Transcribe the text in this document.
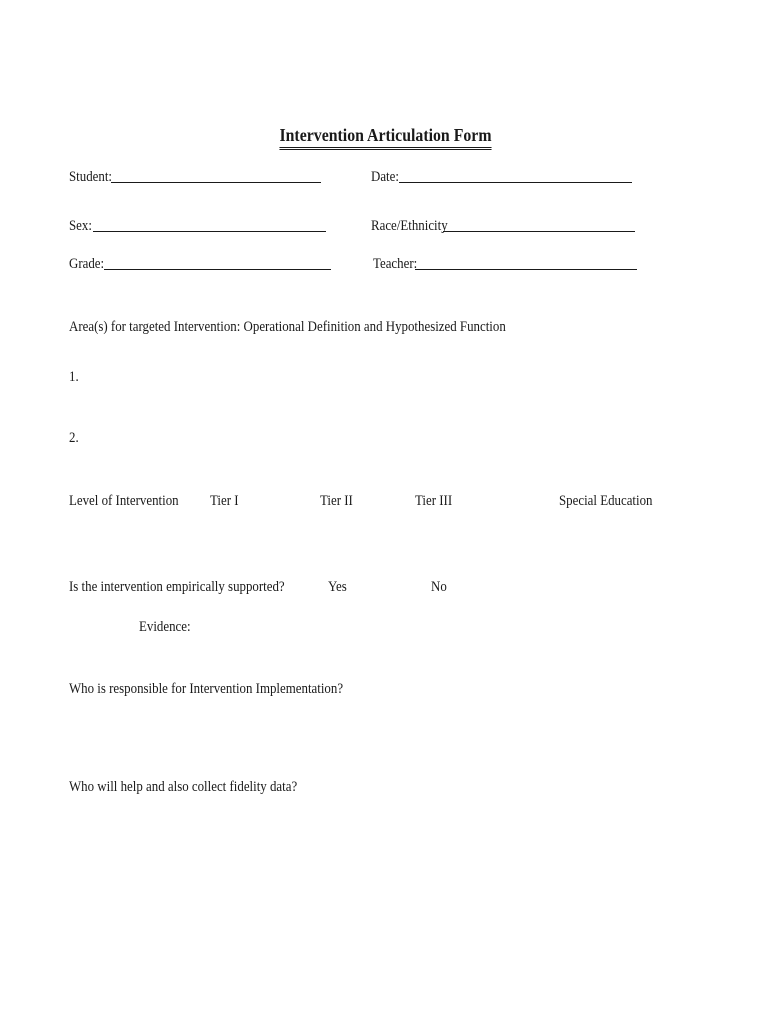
Intervention Articulation Form
Student:	Date:
Sex:	Race/Ethnicity
Grade:	Teacher:
Area(s) for targeted Intervention: Operational Definition and Hypothesized Function
1.
2.
Level of Intervention Tier I	Tier II	Tier III	Special Education
Is the intervention empirically supported?	Yes	No
Evidence:
Who is responsible for Intervention Implementation?
Who will help and also collect fidelity data?
